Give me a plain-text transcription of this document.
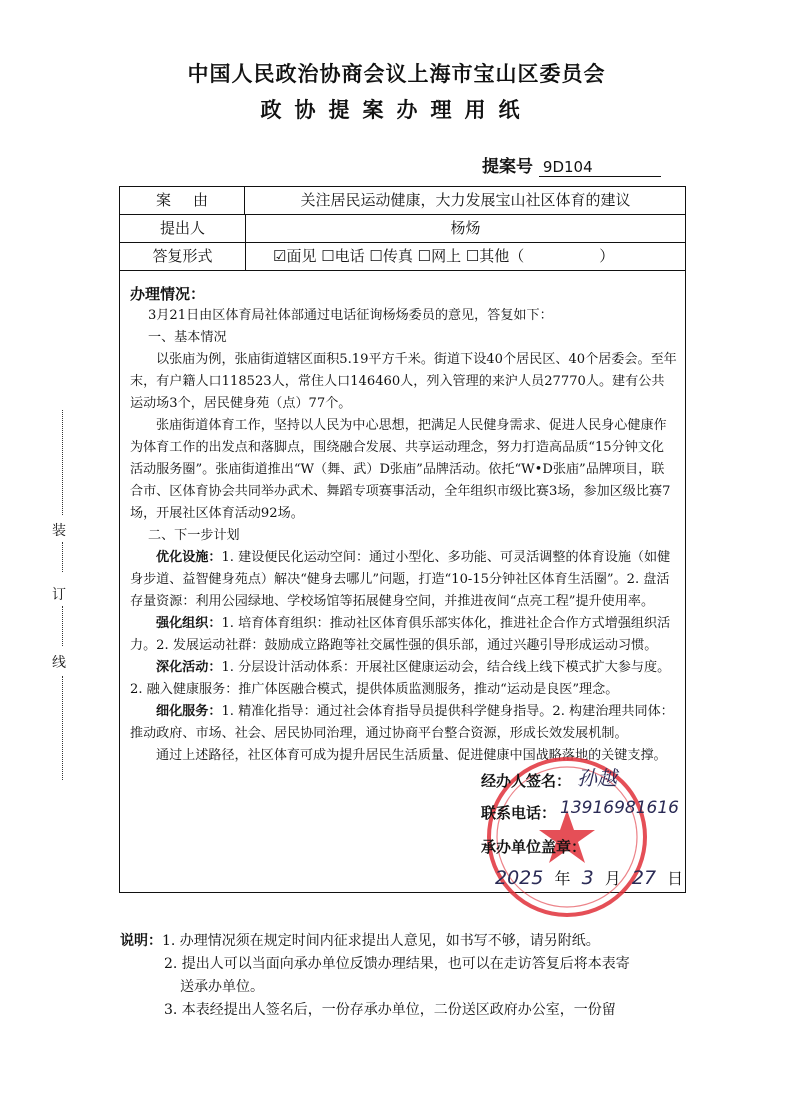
装
订
线
中国人民政治协商会议上海市宝山区委员会
政协提案办理用纸
提案号 9D104
案由	关注居民运动健康，大力发展宝山社区体育的建议
提出人	杨炀
答复形式	☑面见 ☐电话 ☐传真 ☐网上 ☐其他（　　　　　）

办理情况：

3月21日由区体育局社体部通过电话征询杨炀委员的意见，答复如下：

一、基本情况

以张庙为例，张庙街道辖区面积5.19平方千米。街道下设40个居民区、40个居委会。至年末，有户籍人口118523人，常住人口146460人，列入管理的来沪人员27770人。建有公共运动场3个，居民健身苑（点）77个。

张庙街道体育工作，坚持以人民为中心思想，把满足人民健身需求、促进人民身心健康作为体育工作的出发点和落脚点，围绕融合发展、共享运动理念，努力打造高品质“15分钟文化活动服务圈”。张庙街道推出“W（舞、武）D张庙”品牌活动。依托“W•D张庙”品牌项目，联合市、区体育协会共同举办武术、舞蹈专项赛事活动，全年组织市级比赛3场，参加区级比赛7场，开展社区体育活动92场。

二、下一步计划

优化设施：1. 建设便民化运动空间：通过小型化、多功能、可灵活调整的体育设施（如健身步道、益智健身苑点）解决“健身去哪儿”问题，打造“10-15分钟社区体育生活圈”。2. 盘活存量资源：利用公园绿地、学校场馆等拓展健身空间，并推进夜间“点亮工程”提升使用率。

强化组织：1. 培育体育组织：推动社区体育俱乐部实体化，推进社企合作方式增强组织活力。2. 发展运动社群：鼓励成立路跑等社交属性强的俱乐部，通过兴趣引导形成运动习惯。

深化活动：1. 分层设计活动体系：开展社区健康运动会，结合线上线下模式扩大参与度。2. 融入健康服务：推广体医融合模式，提供体质监测服务，推动“运动是良医”理念。

细化服务：1. 精准化指导：通过社会体育指导员提供科学健身指导。2. 构建治理共同体：推动政府、市场、社会、居民协同治理，通过协商平台整合资源，形成长效发展机制。

通过上述路径，社区体育可成为提升居民生活质量、促进健康中国战略落地的关键支撑。

经办人签名： 孙越
联系电话： 13916981616
承办单位盖章：
2025 年 3 月 27 日
说明：1. 办理情况须在规定时间内征求提出人意见，如书写不够，请另附纸。
2. 提出人可以当面向承办单位反馈办理结果，也可以在走访答复后将本表寄
送承办单位。
3. 本表经提出人签名后，一份存承办单位，二份送区政府办公室，一份留
